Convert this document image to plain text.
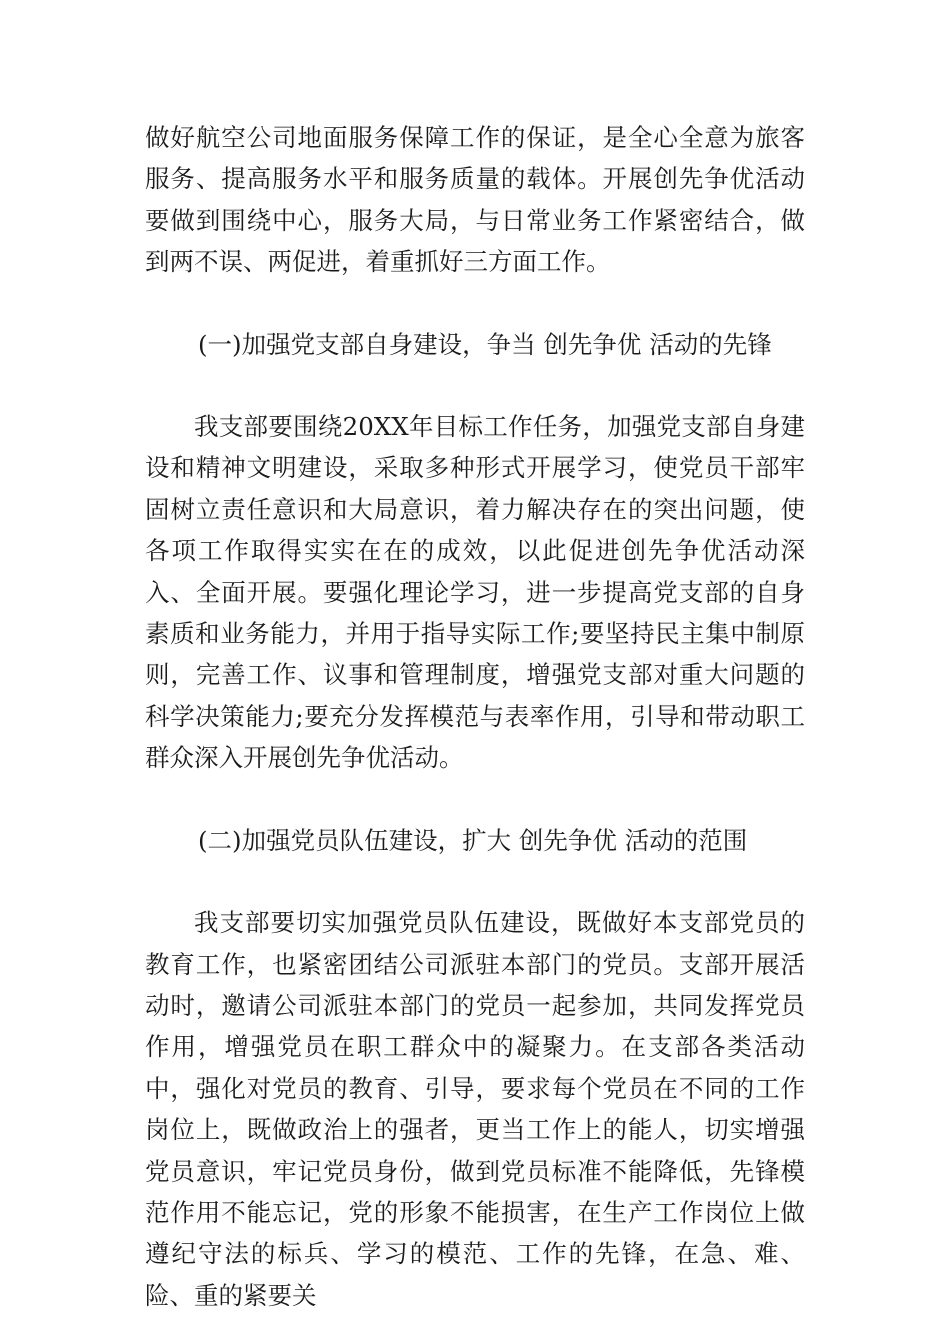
做好航空公司地面服务保障工作的保证，是全心全意为旅客服务、提高服务水平和服务质量的载体。开展创先争优活动要做到围绕中心，服务大局，与日常业务工作紧密结合，做到两不误、两促进，着重抓好三方面工作。

(一)加强党支部自身建设，争当 创先争优 活动的先锋

我支部要围绕20XX年目标工作任务，加强党支部自身建设和精神文明建设，采取多种形式开展学习，使党员干部牢固树立责任意识和大局意识，着力解决存在的突出问题，使各项工作取得实实在在的成效，以此促进创先争优活动深入、全面开展。要强化理论学习，进一步提高党支部的自身素质和业务能力，并用于指导实际工作;要坚持民主集中制原则，完善工作、议事和管理制度，增强党支部对重大问题的科学决策能力;要充分发挥模范与表率作用，引导和带动职工群众深入开展创先争优活动。

(二)加强党员队伍建设，扩大 创先争优 活动的范围

我支部要切实加强党员队伍建设，既做好本支部党员的教育工作，也紧密团结公司派驻本部门的党员。支部开展活动时，邀请公司派驻本部门的党员一起参加，共同发挥党员作用，增强党员在职工群众中的凝聚力。在支部各类活动中，强化对党员的教育、引导，要求每个党员在不同的工作岗位上，既做政治上的强者，更当工作上的能人，切实增强党员意识，牢记党员身份，做到党员标准不能降低，先锋模范作用不能忘记，党的形象不能损害，在生产工作岗位上做遵纪守法的标兵、学习的模范、工作的先锋，在急、难、险、重的紧要关
